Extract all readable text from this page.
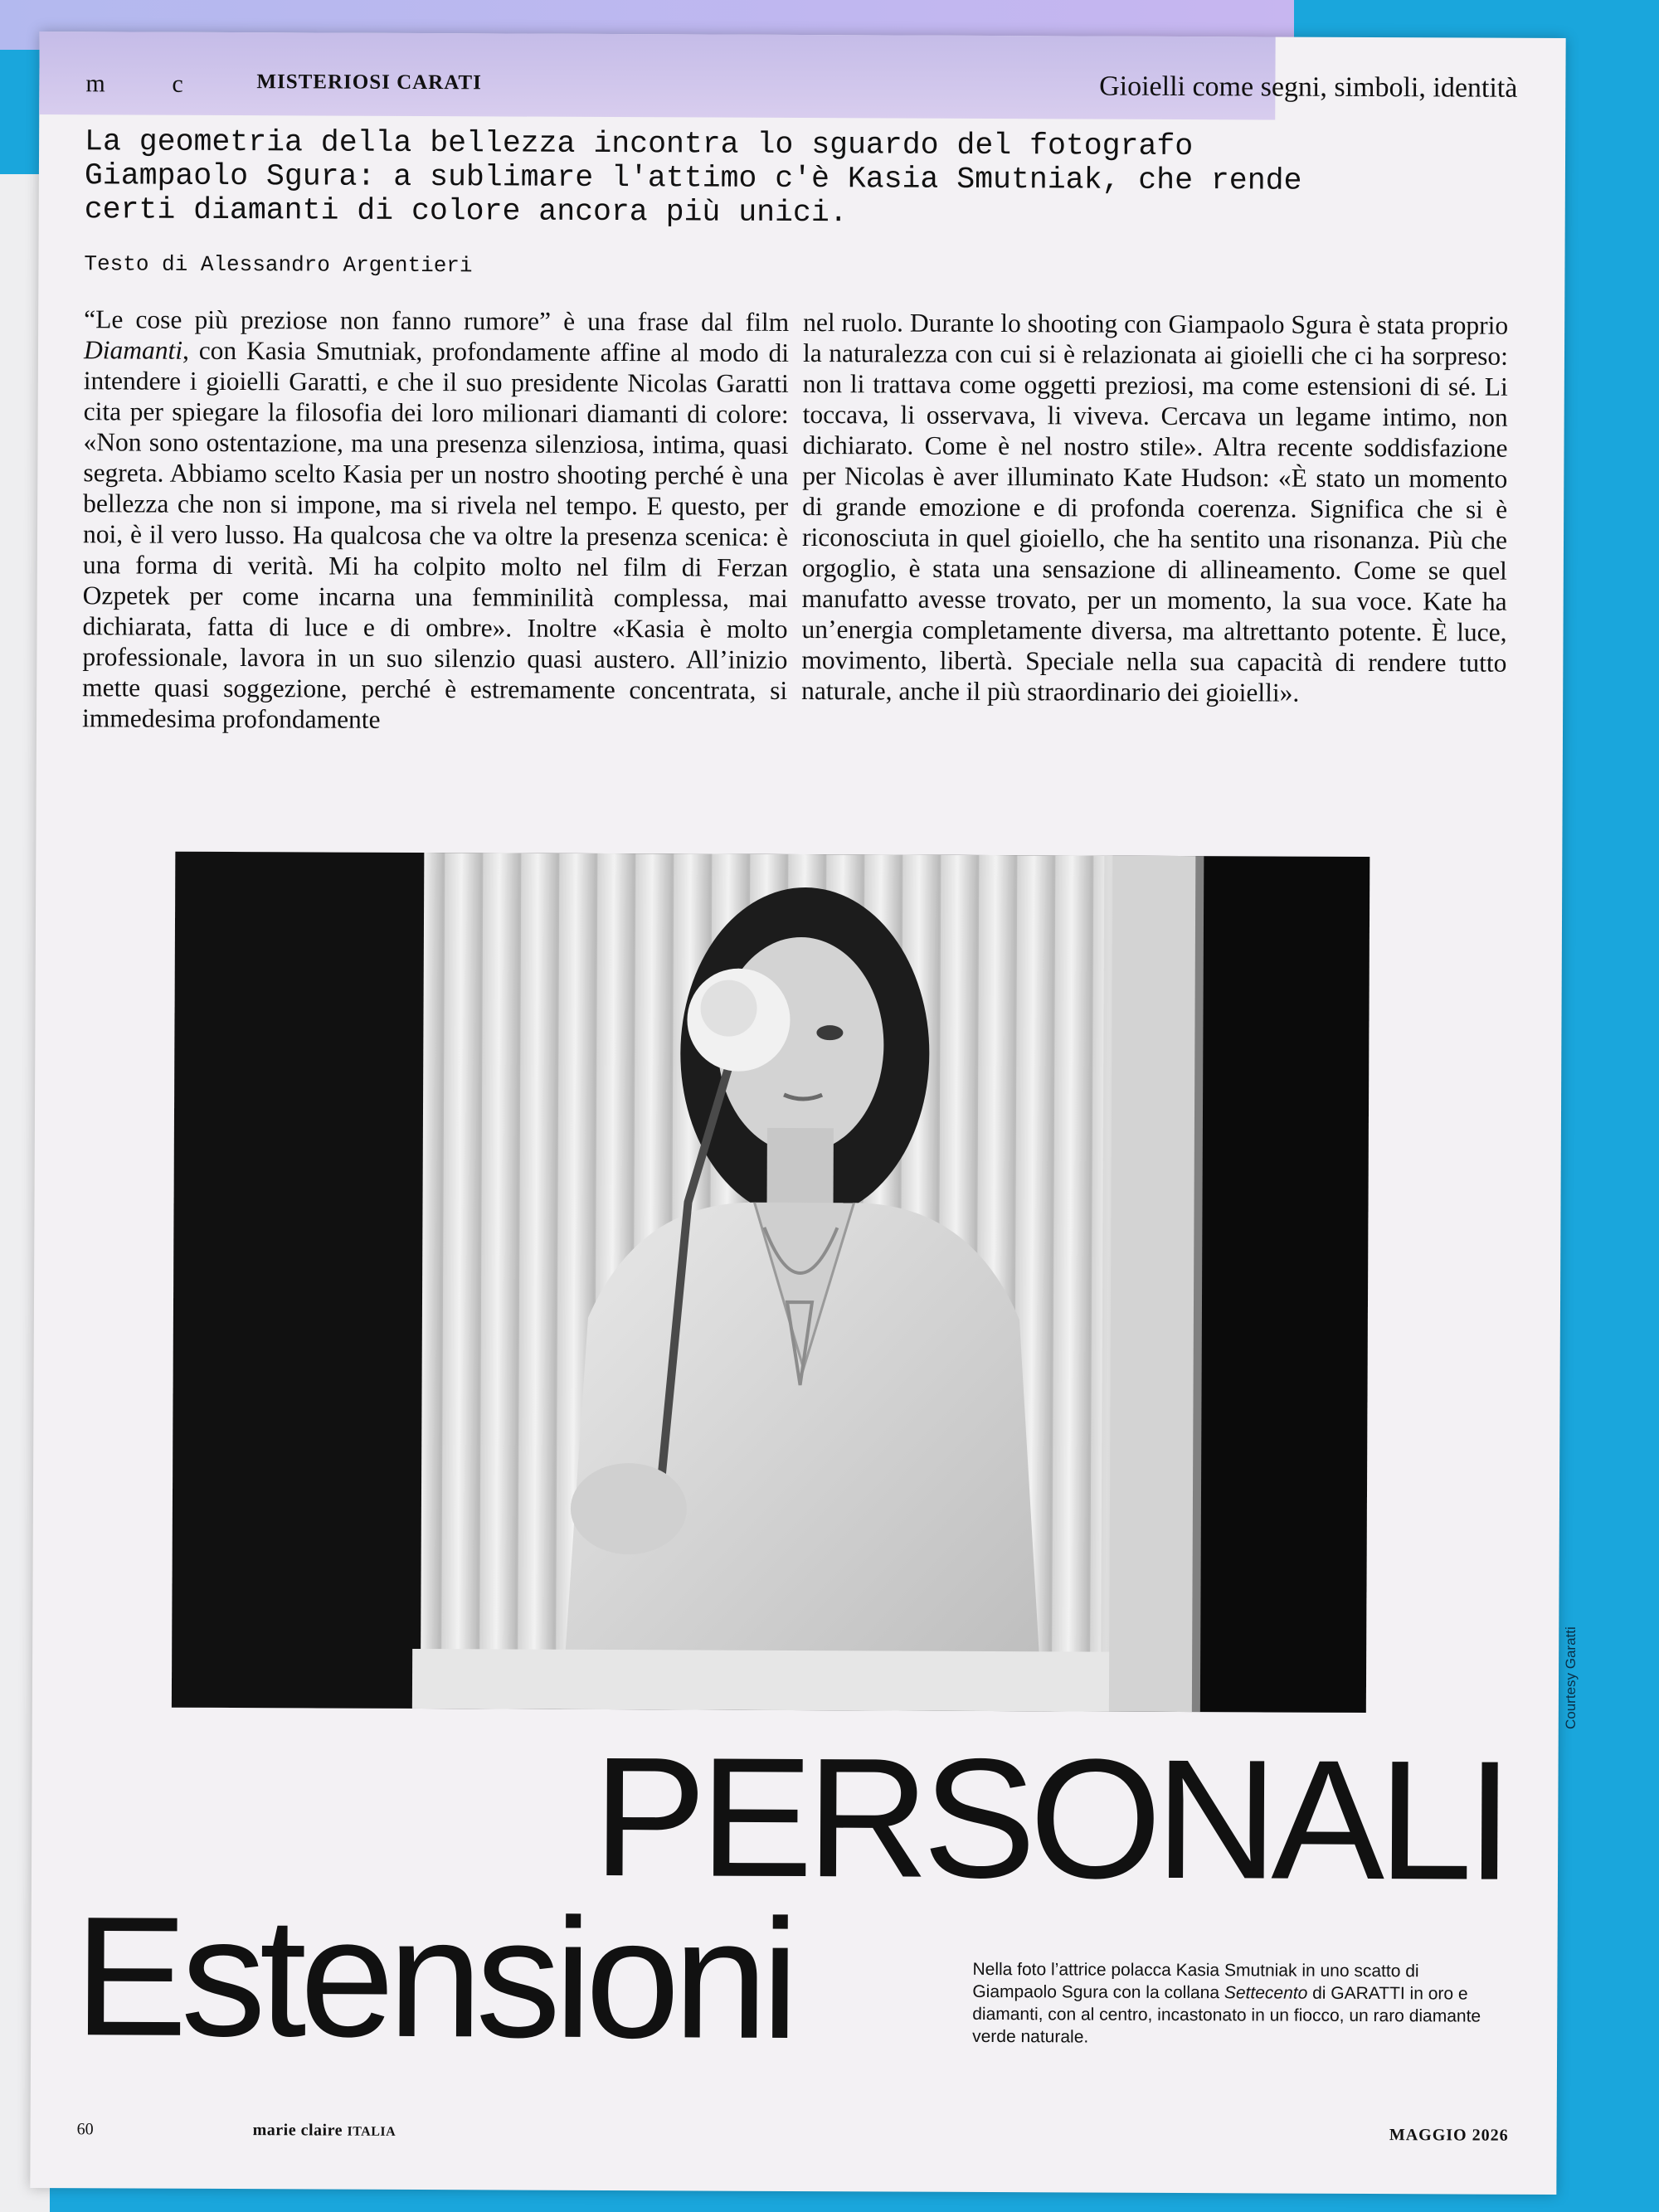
m	c	MISTERIOSI CARATI	Gioielli come segni, simboli, identità
La geometria della bellezza incontra lo sguardo del fotografo
Giampaolo Sgura: a sublimare l'attimo c'è Kasia Smutniak, che rende
certi diamanti di colore ancora più unici.
Testo di Alessandro Argentieri
“Le cose più preziose non fanno rumore” è una frase dal film Diamanti, con Kasia Smutniak, profondamente affine al modo di intendere i gioielli Garatti, e che il suo presidente Nicolas Garatti cita per spiegare la filosofia dei loro milionari diamanti di colore: «Non sono ostentazione, ma una presenza silenziosa, intima, quasi segreta. Abbiamo scelto Kasia per un nostro shooting perché è una bellezza che non si impone, ma si rivela nel tempo. E questo, per noi, è il vero lusso. Ha qualcosa che va oltre la presenza scenica: è una forma di verità. Mi ha colpito molto nel film di Ferzan Ozpetek per come incarna una femminilità complessa, mai dichiarata, fatta di luce e di ombre». Inoltre «Kasia è molto professionale, lavora in un suo silenzio quasi austero. All’inizio mette quasi soggezione, perché è estremamente concentrata, si immedesima profondamente
nel ruolo. Durante lo shooting con Giampaolo Sgura è stata proprio la naturalezza con cui si è relazionata ai gioielli che ci ha sorpreso: non li trattava come oggetti preziosi, ma come estensioni di sé. Li toccava, li osservava, li viveva. Cercava un legame intimo, non dichiarato. Come è nel nostro stile». Altra recente soddisfazione per Nicolas è aver illuminato Kate Hudson: «È stato un momento di grande emozione e di profonda coerenza. Significa che si è riconosciuta in quel gioiello, che ha sentito una risonanza. Più che orgoglio, è stata una sensazione di allineamento. Come se quel manufatto avesse trovato, per un momento, la sua voce. Kate ha un’energia completamente diversa, ma altrettanto potente. È luce, movimento, libertà. Speciale nella sua capacità di rendere tutto naturale, anche il più straordinario dei gioielli».
PERSONALI
Estensioni	Nella foto l’attrice polacca Kasia Smutniak in uno scatto di Giampaolo Sgura con la collana Settecento di GARATTI in oro e diamanti, con al centro, incastonato in un fiocco, un raro diamante verde naturale.
60	marie claire ITALIA	MAGGIO 2026
Courtesy Garatti
